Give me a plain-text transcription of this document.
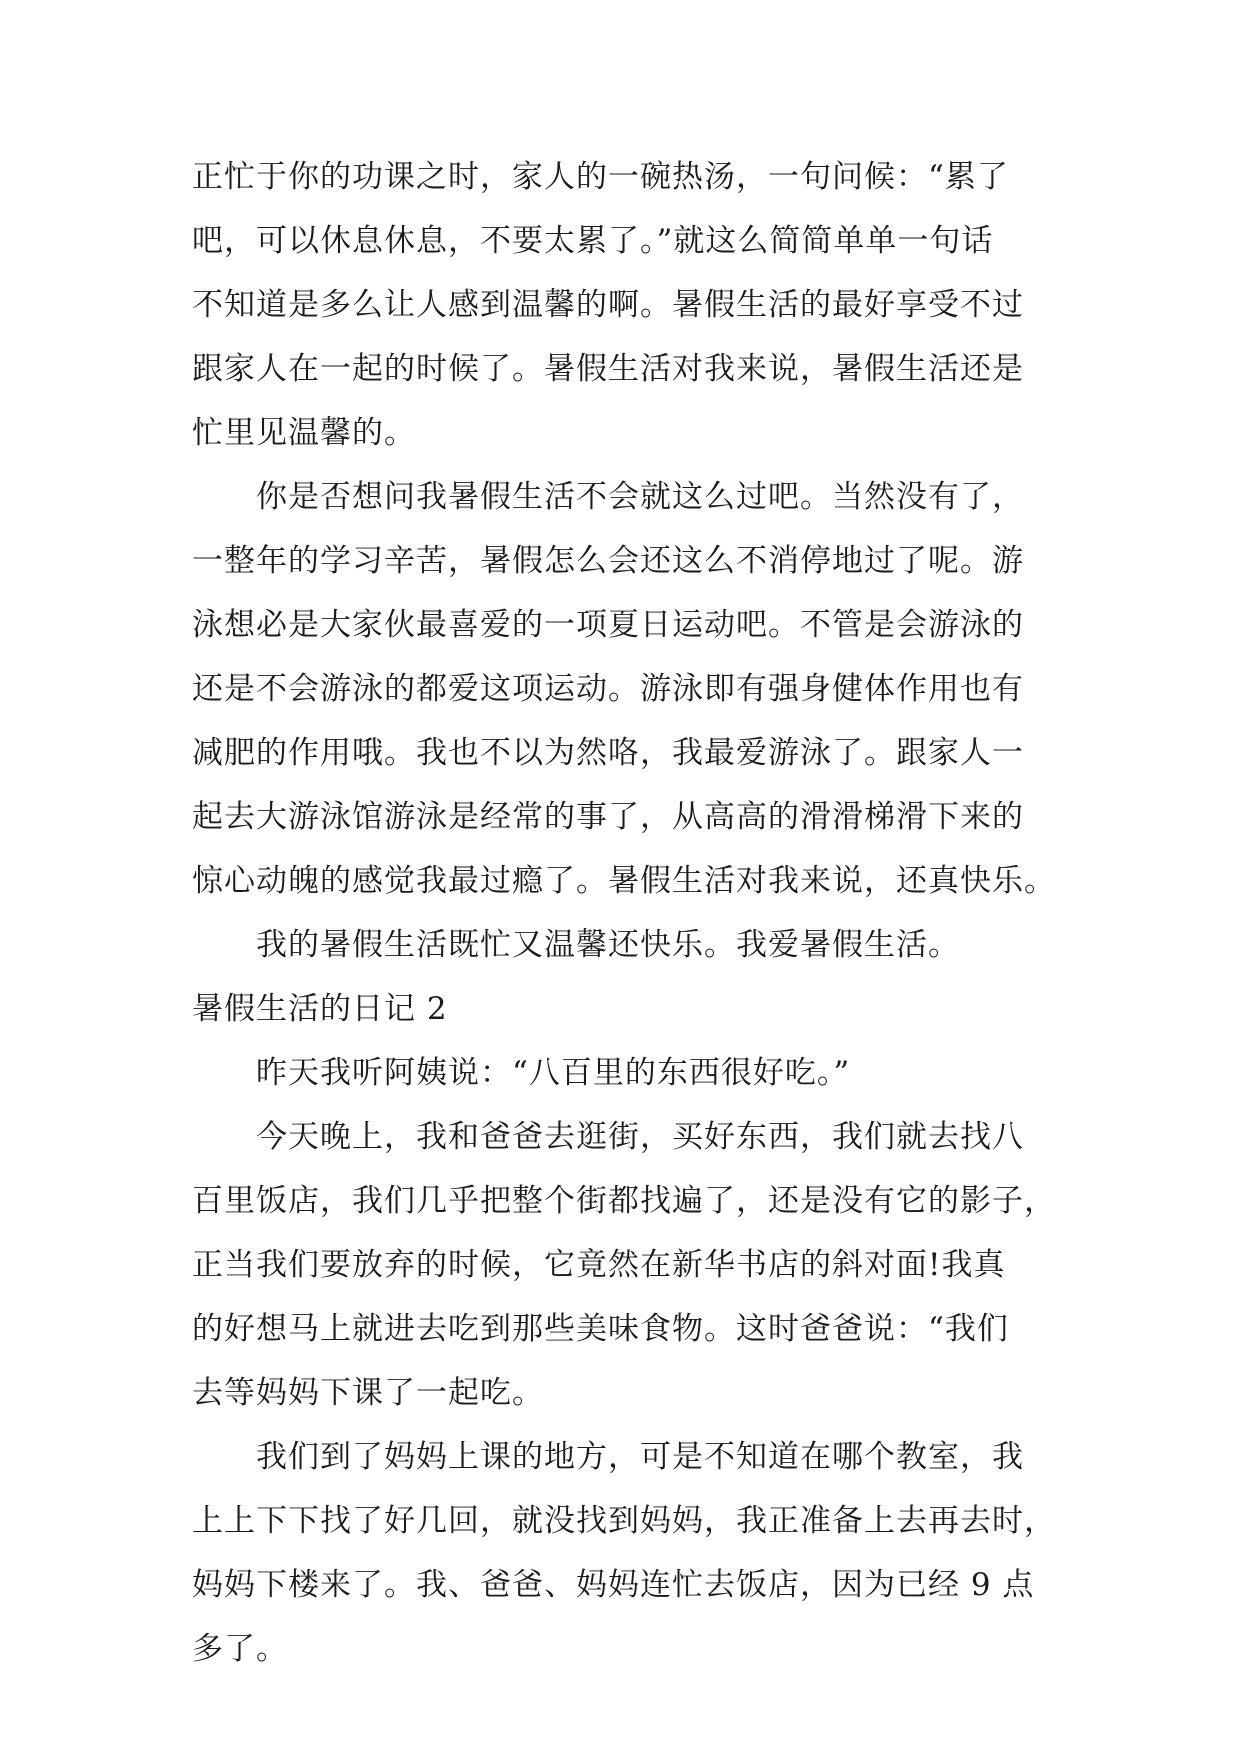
正忙于你的功课之时，家人的一碗热汤，一句问候：“累了
吧，可以休息休息，不要太累了。”就这么简简单单一句话
不知道是多么让人感到温馨的啊。暑假生活的最好享受不过
跟家人在一起的时候了。暑假生活对我来说，暑假生活还是
忙里见温馨的。
你是否想问我暑假生活不会就这么过吧。当然没有了，
一整年的学习辛苦，暑假怎么会还这么不消停地过了呢。游
泳想必是大家伙最喜爱的一项夏日运动吧。不管是会游泳的
还是不会游泳的都爱这项运动。游泳即有强身健体作用也有
减肥的作用哦。我也不以为然咯，我最爱游泳了。跟家人一
起去大游泳馆游泳是经常的事了，从高高的滑滑梯滑下来的
惊心动魄的感觉我最过瘾了。暑假生活对我来说，还真快乐。
我的暑假生活既忙又温馨还快乐。我爱暑假生活。
暑假生活的日记 2
昨天我听阿姨说：“八百里的东西很好吃。”
今天晚上，我和爸爸去逛街，买好东西，我们就去找八
百里饭店，我们几乎把整个街都找遍了，还是没有它的影子，
正当我们要放弃的时候，它竟然在新华书店的斜对面!我真
的好想马上就进去吃到那些美味食物。这时爸爸说：“我们
去等妈妈下课了一起吃。
我们到了妈妈上课的地方，可是不知道在哪个教室，我
上上下下找了好几回，就没找到妈妈，我正准备上去再去时，
妈妈下楼来了。我、爸爸、妈妈连忙去饭店，因为已经 9 点
多了。
